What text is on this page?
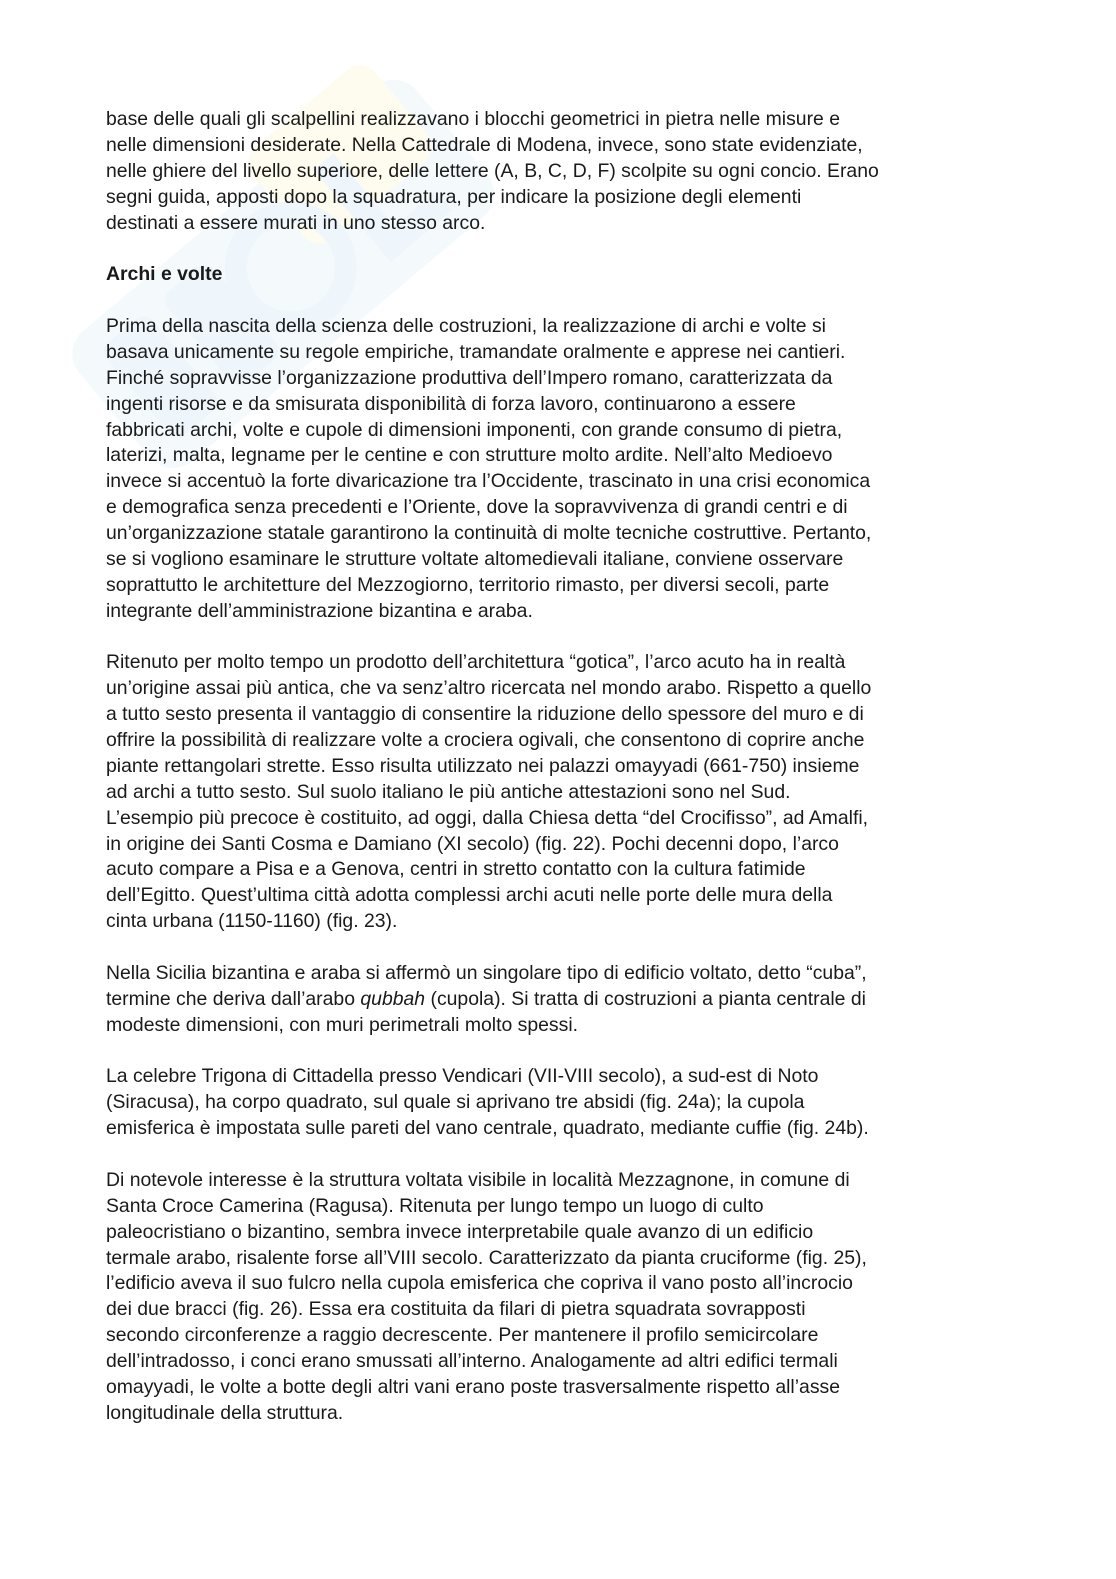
base delle quali gli scalpellini realizzavano i blocchi geometrici in pietra nelle misure e
nelle dimensioni desiderate. Nella Cattedrale di Modena, invece, sono state evidenziate,
nelle ghiere del livello superiore, delle lettere (A, B, C, D, F) scolpite su ogni concio. Erano
segni guida, apposti dopo la squadratura, per indicare la posizione degli elementi
destinati a essere murati in uno stesso arco.
Archi e volte
Prima della nascita della scienza delle costruzioni, la realizzazione di archi e volte si
basava unicamente su regole empiriche, tramandate oralmente e apprese nei cantieri.
Finché sopravvisse l’organizzazione produttiva dell’Impero romano, caratterizzata da
ingenti risorse e da smisurata disponibilità di forza lavoro, continuarono a essere
fabbricati archi, volte e cupole di dimensioni imponenti, con grande consumo di pietra,
laterizi, malta, legname per le centine e con strutture molto ardite. Nell’alto Medioevo
invece si accentuò la forte divaricazione tra l’Occidente, trascinato in una crisi economica
e demografica senza precedenti e l’Oriente, dove la sopravvivenza di grandi centri e di
un’organizzazione statale garantirono la continuità di molte tecniche costruttive. Pertanto,
se si vogliono esaminare le strutture voltate altomedievali italiane, conviene osservare
soprattutto le architetture del Mezzogiorno, territorio rimasto, per diversi secoli, parte
integrante dell’amministrazione bizantina e araba.
Ritenuto per molto tempo un prodotto dell’architettura “gotica”, l’arco acuto ha in realtà
un’origine assai più antica, che va senz’altro ricercata nel mondo arabo. Rispetto a quello
a tutto sesto presenta il vantaggio di consentire la riduzione dello spessore del muro e di
offrire la possibilità di realizzare volte a crociera ogivali, che consentono di coprire anche
piante rettangolari strette. Esso risulta utilizzato nei palazzi omayyadi (661-750) insieme
ad archi a tutto sesto. Sul suolo italiano le più antiche attestazioni sono nel Sud.
L’esempio più precoce è costituito, ad oggi, dalla Chiesa detta “del Crocifisso”, ad Amalfi,
in origine dei Santi Cosma e Damiano (XI secolo) (fig. 22). Pochi decenni dopo, l’arco
acuto compare a Pisa e a Genova, centri in stretto contatto con la cultura fatimide
dell’Egitto. Quest’ultima città adotta complessi archi acuti nelle porte delle mura della
cinta urbana (1150-1160) (fig. 23).
Nella Sicilia bizantina e araba si affermò un singolare tipo di edificio voltato, detto “cuba”,
termine che deriva dall’arabo qubbah (cupola). Si tratta di costruzioni a pianta centrale di
modeste dimensioni, con muri perimetrali molto spessi.
La celebre Trigona di Cittadella presso Vendicari (VII-VIII secolo), a sud-est di Noto
(Siracusa), ha corpo quadrato, sul quale si aprivano tre absidi (fig. 24a); la cupola
emisferica è impostata sulle pareti del vano centrale, quadrato, mediante cuffie (fig. 24b).
Di notevole interesse è la struttura voltata visibile in località Mezzagnone, in comune di
Santa Croce Camerina (Ragusa). Ritenuta per lungo tempo un luogo di culto
paleocristiano o bizantino, sembra invece interpretabile quale avanzo di un edificio
termale arabo, risalente forse all’VIII secolo. Caratterizzato da pianta cruciforme (fig. 25),
l’edificio aveva il suo fulcro nella cupola emisferica che copriva il vano posto all’incrocio
dei due bracci (fig. 26). Essa era costituita da filari di pietra squadrata sovrapposti
secondo circonferenze a raggio decrescente. Per mantenere il profilo semicircolare
dell’intradosso, i conci erano smussati all’interno. Analogamente ad altri edifici termali
omayyadi, le volte a botte degli altri vani erano poste trasversalmente rispetto all’asse
longitudinale della struttura.
